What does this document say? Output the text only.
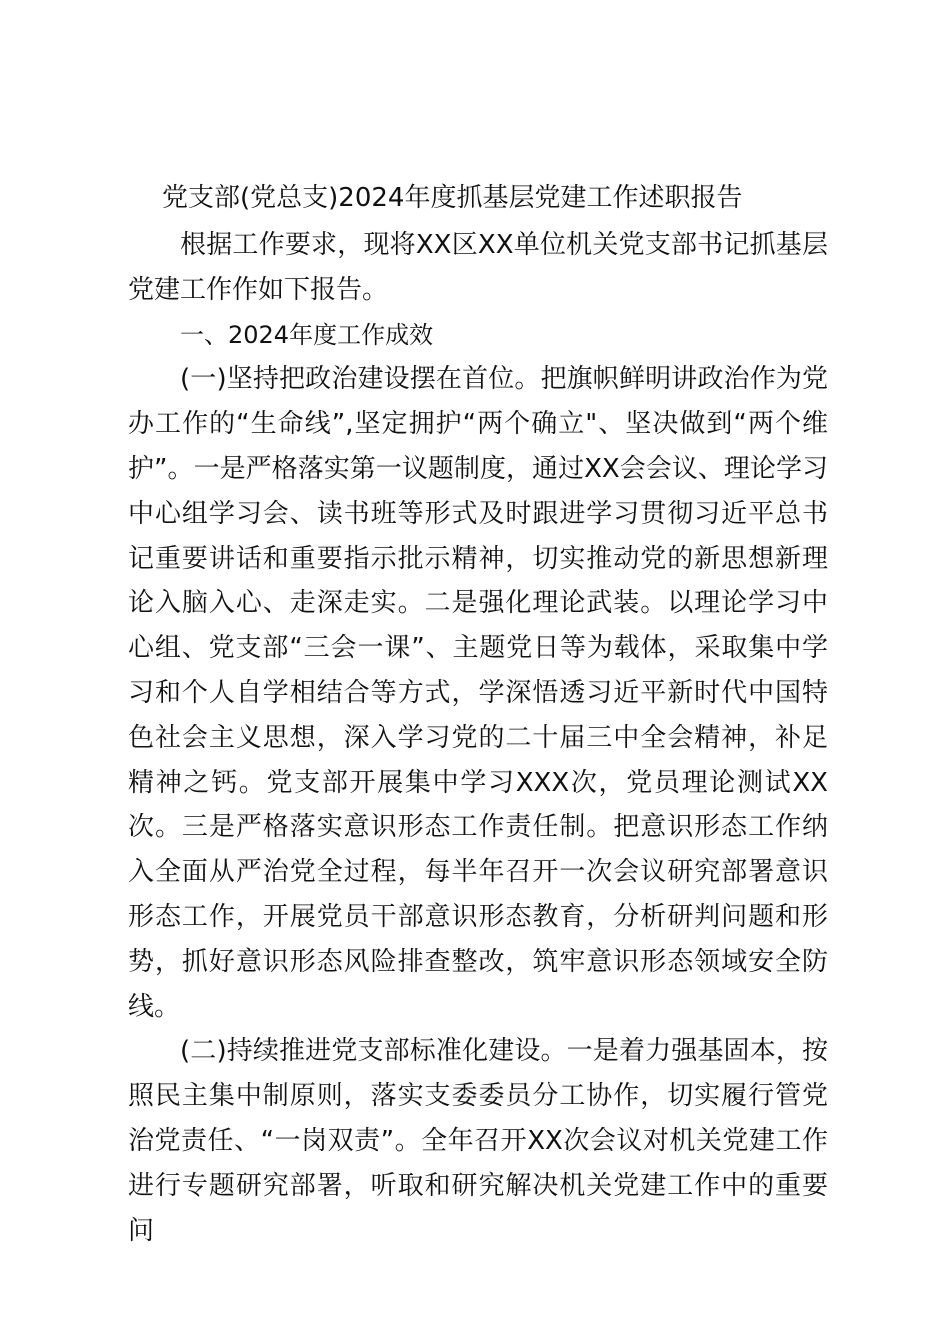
党支部(党总支)2024年度抓基层党建工作述职报告

根据工作要求，现将XX区XX单位机关党支部书记抓基层党建工作作如下报告。

一、2024年度工作成效

(一)坚持把政治建设摆在首位。把旗帜鲜明讲政治作为党办工作的“生命线”,坚定拥护“两个确立"、坚决做到“两个维护”。一是严格落实第一议题制度，通过XX会会议、理论学习中心组学习会、读书班等形式及时跟进学习贯彻习近平总书记重要讲话和重要指示批示精神，切实推动党的新思想新理论入脑入心、走深走实。二是强化理论武装。以理论学习中心组、党支部“三会一课”、主题党日等为载体，采取集中学习和个人自学相结合等方式，学深悟透习近平新时代中国特色社会主义思想，深入学习党的二十届三中全会精神，补足精神之钙。党支部开展集中学习XXX次，党员理论测试XX次。三是严格落实意识形态工作责任制。把意识形态工作纳入全面从严治党全过程，每半年召开一次会议研究部署意识形态工作，开展党员干部意识形态教育，分析研判问题和形势，抓好意识形态风险排查整改，筑牢意识形态领域安全防线。

(二)持续推进党支部标准化建设。一是着力强基固本，按照民主集中制原则，落实支委委员分工协作，切实履行管党治党责任、“一岗双责”。全年召开XX次会议对机关党建工作进行专题研究部署，听取和研究解决机关党建工作中的重要问
